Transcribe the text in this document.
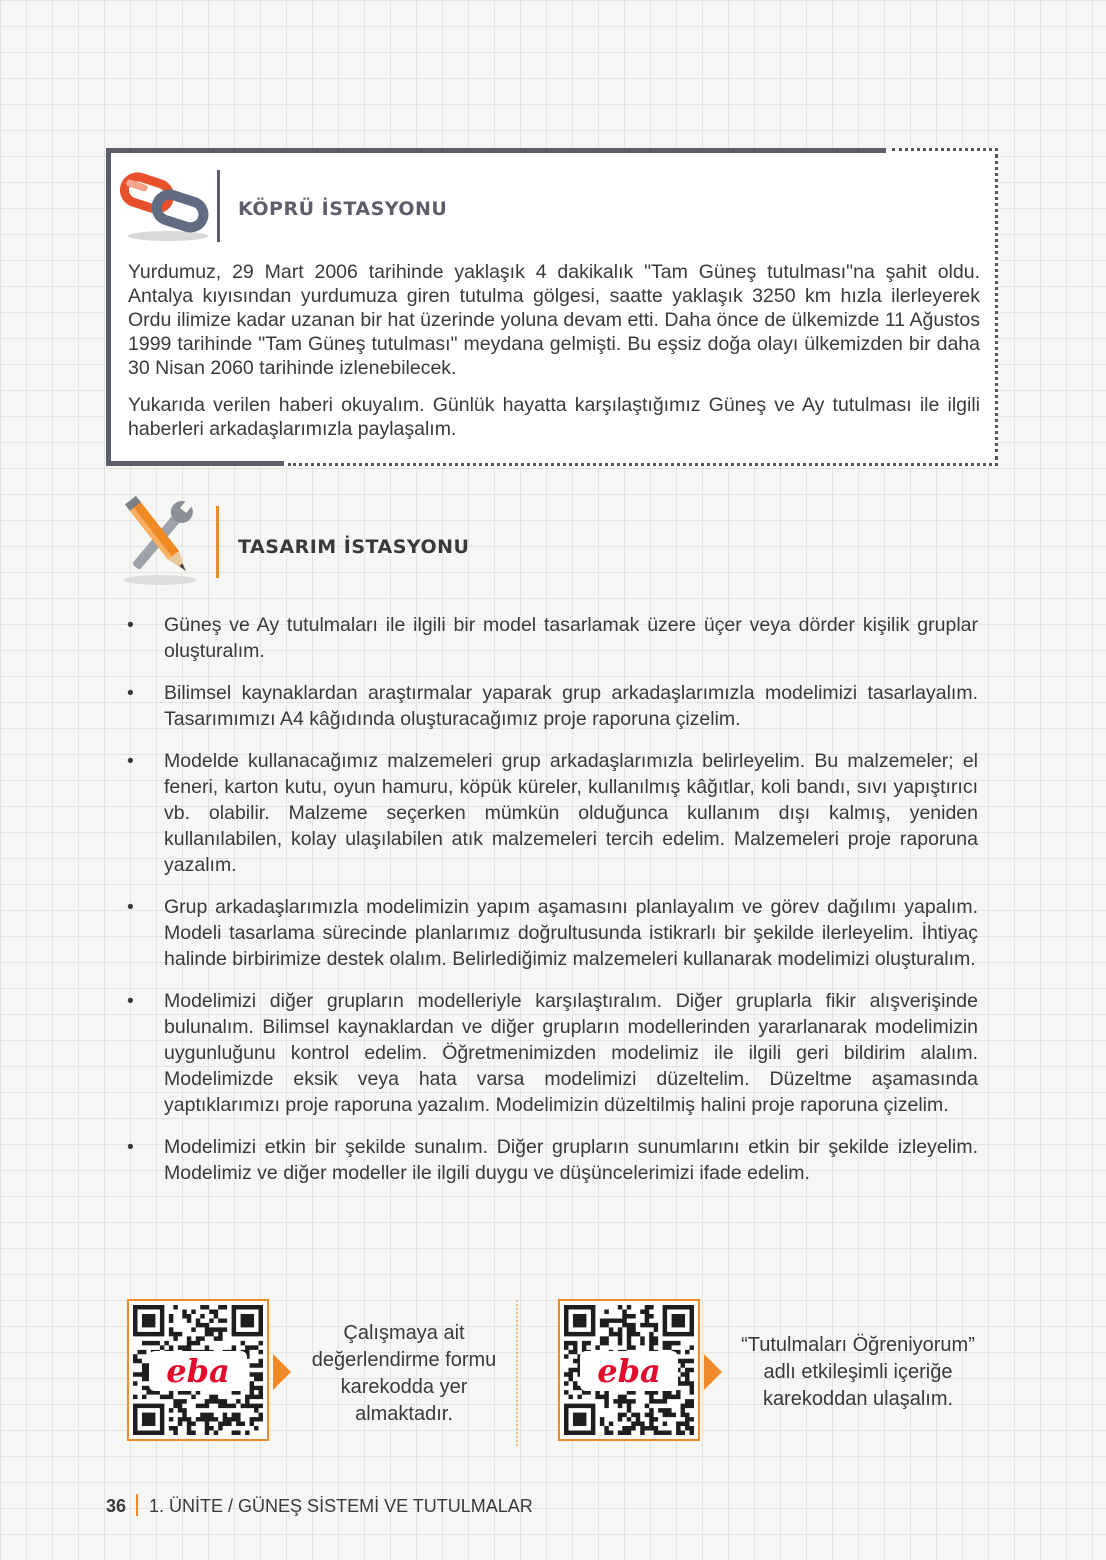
KÖPRÜ İSTASYONU

Yurdumuz, 29 Mart 2006 tarihinde yaklaşık 4 dakikalık "Tam Güneş tutulması"na şahit oldu. Antalya kıyısından yurdumuza giren tutulma gölgesi, saatte yaklaşık 3250 km hızla ilerleyerek Ordu ilimize kadar uzanan bir hat üzerinde yoluna devam etti. Daha önce de ülkemizde 11 Ağustos 1999 tarihinde "Tam Güneş tutulması" meydana gelmişti. Bu eşsiz doğa olayı ülkemizden bir daha 30 Nisan 2060 tarihinde izlenebilecek.

Yukarıda verilen haberi okuyalım. Günlük hayatta karşılaştığımız Güneş ve Ay tutulması ile ilgili haberleri arkadaşlarımızla paylaşalım.

TASARIM İSTASYONU
• Güneş ve Ay tutulmaları ile ilgili bir model tasarlamak üzere üçer veya dörder kişilik gruplar oluşturalım.
• Bilimsel kaynaklardan araştırmalar yaparak grup arkadaşlarımızla modelimizi tasarlayalım. Tasarımımızı A4 kâğıdında oluşturacağımız proje raporuna çizelim.
• Modelde kullanacağımız malzemeleri grup arkadaşlarımızla belirleyelim. Bu malzemeler; el feneri, karton kutu, oyun hamuru, köpük küreler, kullanılmış kâğıtlar, koli bandı, sıvı yapıştırıcı vb. olabilir. Malzeme seçerken mümkün olduğunca kullanım dışı kalmış, yeniden kullanılabilen, kolay ulaşılabilen atık malzemeleri tercih edelim. Malzemeleri proje raporuna yazalım.
• Grup arkadaşlarımızla modelimizin yapım aşamasını planlayalım ve görev dağılımı yapalım. Modeli tasarlama sürecinde planlarımız doğrultusunda istikrarlı bir şekilde ilerleyelim. İhtiyaç halinde birbirimize destek olalım. Belirlediğimiz malzemeleri kullanarak modelimizi oluşturalım.
• Modelimizi diğer grupların modelleriyle karşılaştıralım. Diğer gruplarla fikir alışverişinde bulunalım. Bilimsel kaynaklardan ve diğer grupların modellerinden yararlanarak modelimizin uygunluğunu kontrol edelim. Öğretmenimizden modelimiz ile ilgili geri bildirim alalım. Modelimizde eksik veya hata varsa modelimizi düzeltelim. Düzeltme aşamasında yaptıklarımızı proje raporuna yazalım. Modelimizin düzeltilmiş halini proje raporuna çizelim.
• Modelimizi etkin bir şekilde sunalım. Diğer grupların sunumlarını etkin bir şekilde izleyelim. Modelimiz ve diğer modeller ile ilgili duygu ve düşüncelerimizi ifade edelim.
eba

Çalışmaya ait değerlendirme formu karekodda yer almaktadır.

eba

“Tutulmaları Öğreniyorum” adlı etkileşimli içeriğe karekoddan ulaşalım.

36 1. ÜNİTE / GÜNEŞ SİSTEMİ VE TUTULMALAR
